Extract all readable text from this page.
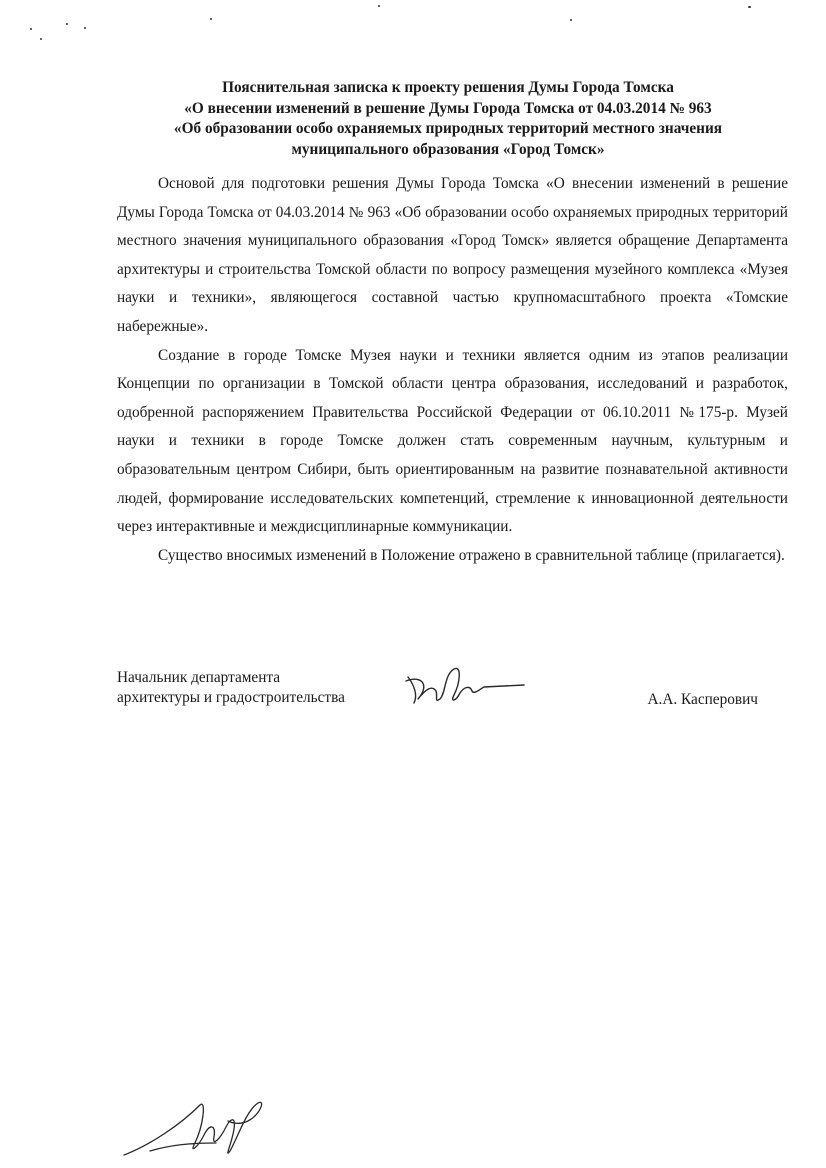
Пояснительная записка к проекту решения Думы Города Томска
«О внесении изменений в решение Думы Города Томска от 04.03.2014 № 963
«Об образовании особо охраняемых природных территорий местного значения
муниципального образования «Город Томск»

Основой для подготовки решения Думы Города Томска «О внесении изменений в решение Думы Города Томска от 04.03.2014 № 963 «Об образовании особо охраняемых природных территорий местного значения муниципального образования «Город Томск» является обращение Департамента архитектуры и строительства Томской области по вопросу размещения музейного комплекса «Музея науки и техники», являющегося составной частью крупномасштабного проекта «Томские набережные».

Создание в городе Томске Музея науки и техники является одним из этапов реализации Концепции по организации в Томской области центра образования, исследований и разработок, одобренной распоряжением Правительства Российской Федерации от 06.10.2011 №175-р. Музей науки и техники в городе Томске должен стать современным научным, культурным и образовательным центром Сибири, быть ориентированным на развитие познавательной активности людей, формирование исследовательских компетенций, стремление к инновационной деятельности через интерактивные и междисциплинарные коммуникации.

Существо вносимых изменений в Положение отражено в сравнительной таблице (прилагается).

Начальник департамента
архитектуры и градостроительства	А.А. Касперович
